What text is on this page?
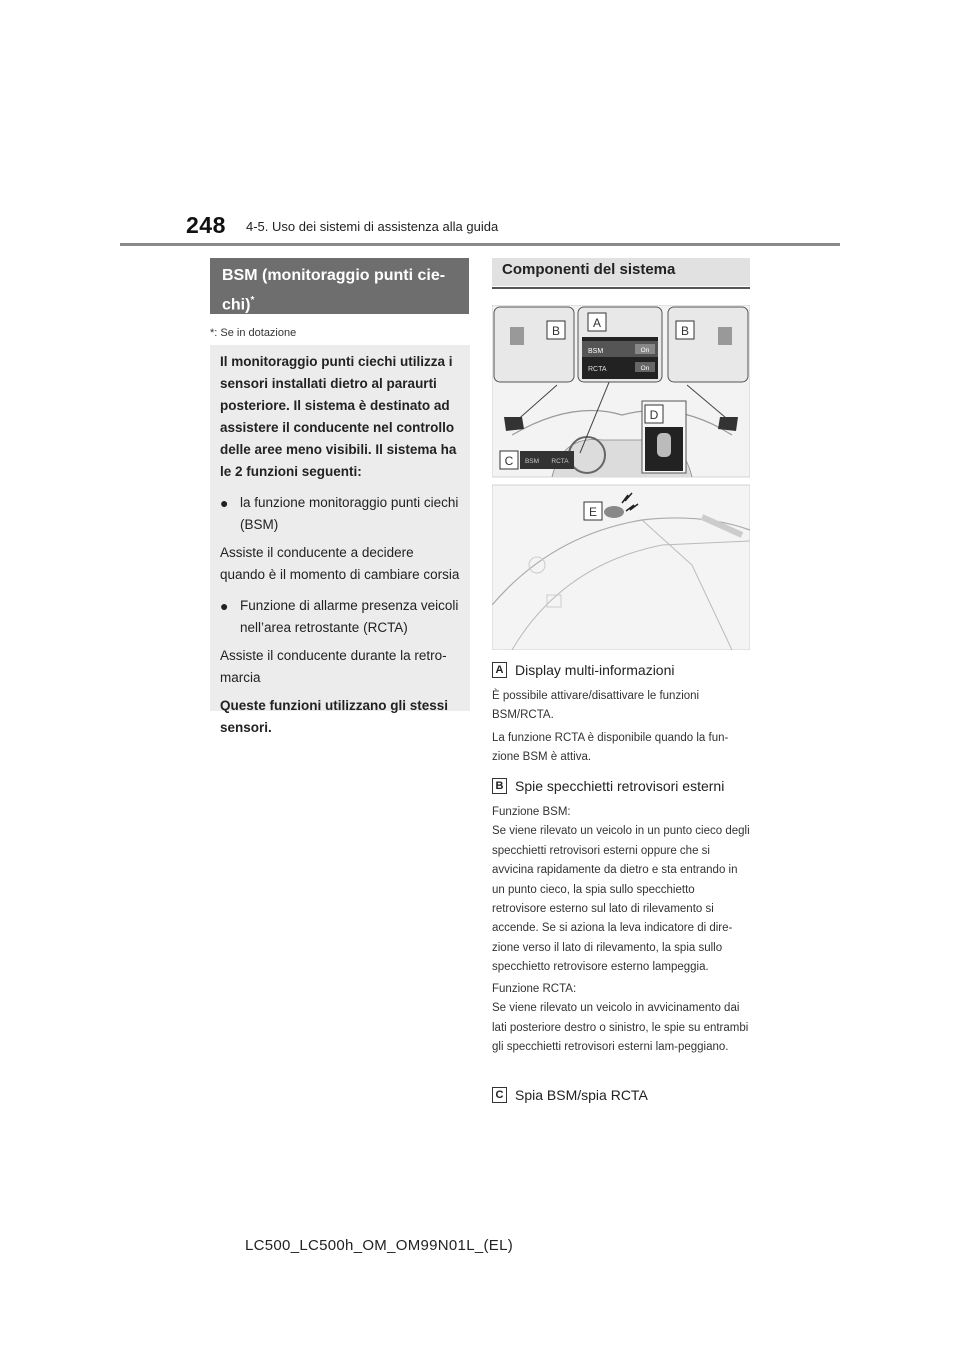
248 4-5. Uso dei sistemi di assistenza alla guida
BSM (monitoraggio punti cie-
chi)*
*: Se in dotazione

Il monitoraggio punti ciechi utilizza i sensori installati dietro al paraurti posteriore. Il sistema è destinato ad assistere il conducente nel controllo delle aree meno visibili. Il sistema ha le 2 funzioni seguenti:

● la funzione monitoraggio punti ciechi (BSM)

Assiste il conducente a decidere quando è il momento di cambiare corsia

● Funzione di allarme presenza veicoli nell’area retrostante (RCTA)

Assiste il conducente durante la retro-marcia

Queste funzioni utilizzano gli stessi sensori.

Componenti del sistema
B
A
BSM	On
RCTA	On
B
D
C BSM RCTA
E
A Display multi-informazioni
È possibile attivare/disattivare le funzioni BSM/RCTA.
La funzione RCTA è disponibile quando la fun-zione BSM è attiva.
B Spie specchietti retrovisori esterni
Funzione BSM:
Se viene rilevato un veicolo in un punto cieco degli specchietti retrovisori esterni oppure che si avvicina rapidamente da dietro e sta entrando in un punto cieco, la spia sullo specchietto retrovisore esterno sul lato di rilevamento si accende. Se si aziona la leva indicatore di dire-zione verso il lato di rilevamento, la spia sullo specchietto retrovisore esterno lampeggia.
Funzione RCTA:
Se viene rilevato un veicolo in avvicinamento dai lati posteriore destro o sinistro, le spie su entrambi gli specchietti retrovisori esterni lam-peggiano.
C Spia BSM/spia RCTA
LC500_LC500h_OM_OM99N01L_(EL)
